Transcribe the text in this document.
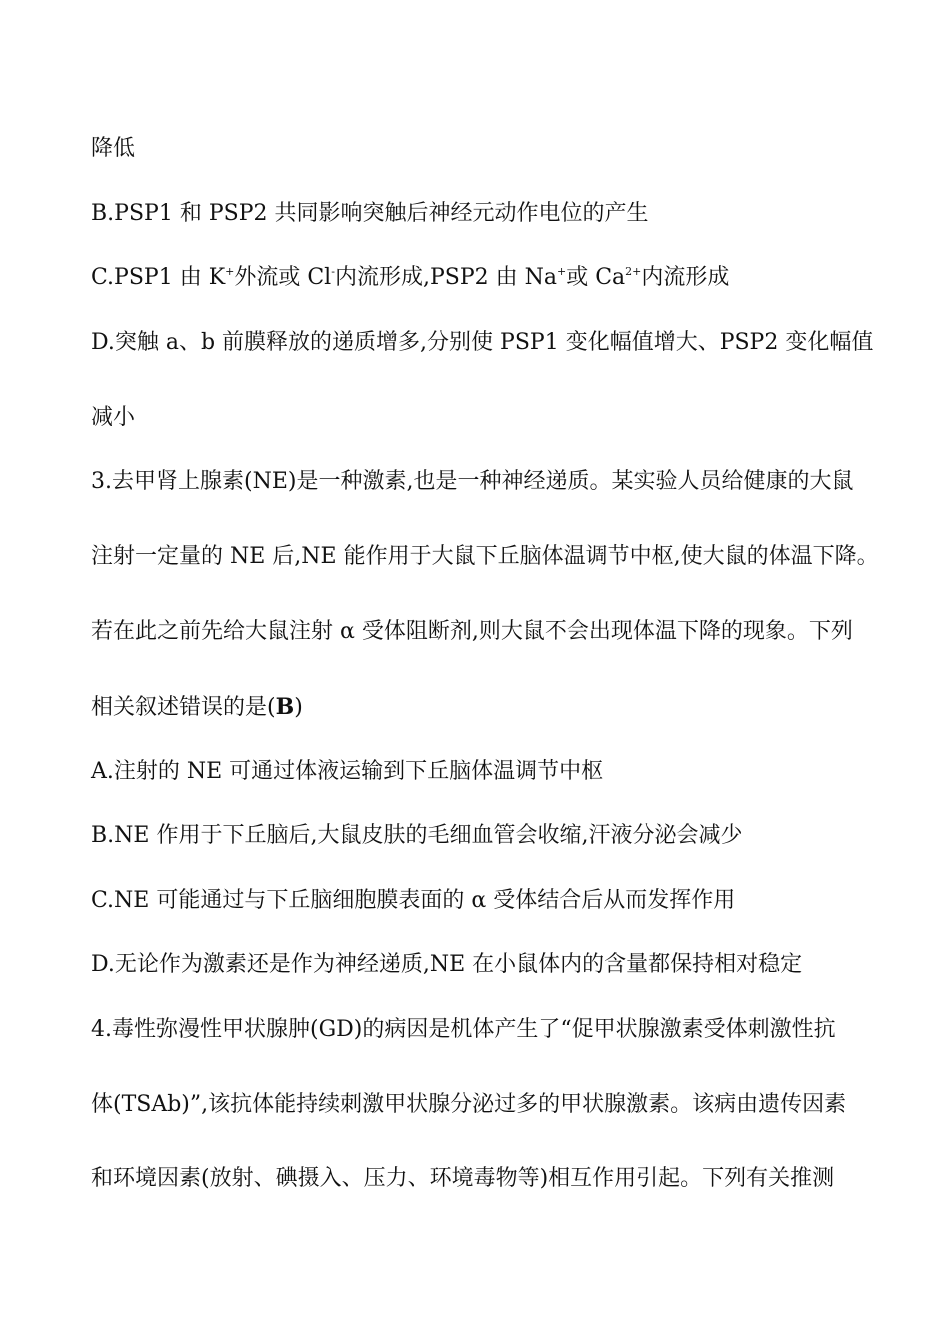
降低
B.PSP1 和 PSP2 共同影响突触后神经元动作电位的产生
C.PSP1 由 K+外流或 Cl-内流形成,PSP2 由 Na+或 $Ca^{2+}$内流形成
D.突触 a、b 前膜释放的递质增多,分别使 PSP1 变化幅值增大、PSP2 变化幅值
减小
3.去甲肾上腺素(NE)是一种激素,也是一种神经递质。某实验人员给健康的大鼠
注射一定量的 NE 后,NE 能作用于大鼠下丘脑体温调节中枢,使大鼠的体温下降。
若在此之前先给大鼠注射 α 受体阻断剂,则大鼠不会出现体温下降的现象。下列
相关叙述错误的是(B)
A.注射的 NE 可通过体液运输到下丘脑体温调节中枢
B.NE 作用于下丘脑后,大鼠皮肤的毛细血管会收缩,汗液分泌会减少
C.NE 可能通过与下丘脑细胞膜表面的 α 受体结合后从而发挥作用
D.无论作为激素还是作为神经递质,NE 在小鼠体内的含量都保持相对稳定
4.毒性弥漫性甲状腺肿(GD)的病因是机体产生了“促甲状腺激素受体刺激性抗
体(TSAb)”,该抗体能持续刺激甲状腺分泌过多的甲状腺激素。该病由遗传因素
和环境因素(放射、碘摄入、压力、环境毒物等)相互作用引起。下列有关推测
